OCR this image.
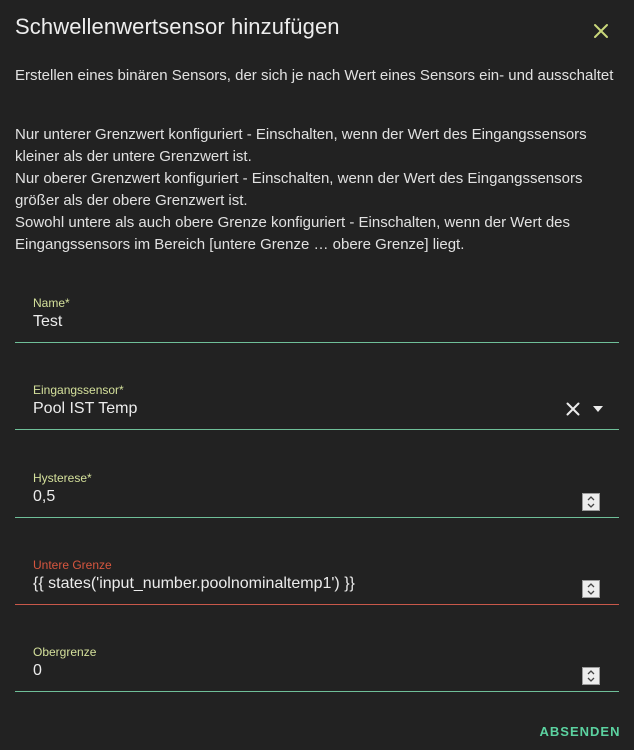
Schwellenwertsensor hinzufügen
Erstellen eines binären Sensors, der sich je nach Wert eines Sensors ein- und ausschaltet
Nur unterer Grenzwert konfiguriert - Einschalten, wenn der Wert des Eingangssensors kleiner als der untere Grenzwert ist.
Nur oberer Grenzwert konfiguriert - Einschalten, wenn der Wert des Eingangssensors größer als der obere Grenzwert ist.
Sowohl untere als auch obere Grenze konfiguriert - Einschalten, wenn der Wert des Eingangssensors im Bereich [untere Grenze … obere Grenze] liegt.
Name*
Test
Eingangssensor*
Pool IST Temp
Hysterese*
0,5
Untere Grenze
{{ states('input_number.poolnominaltemp1') }}
Obergrenze
0
ABSENDEN
